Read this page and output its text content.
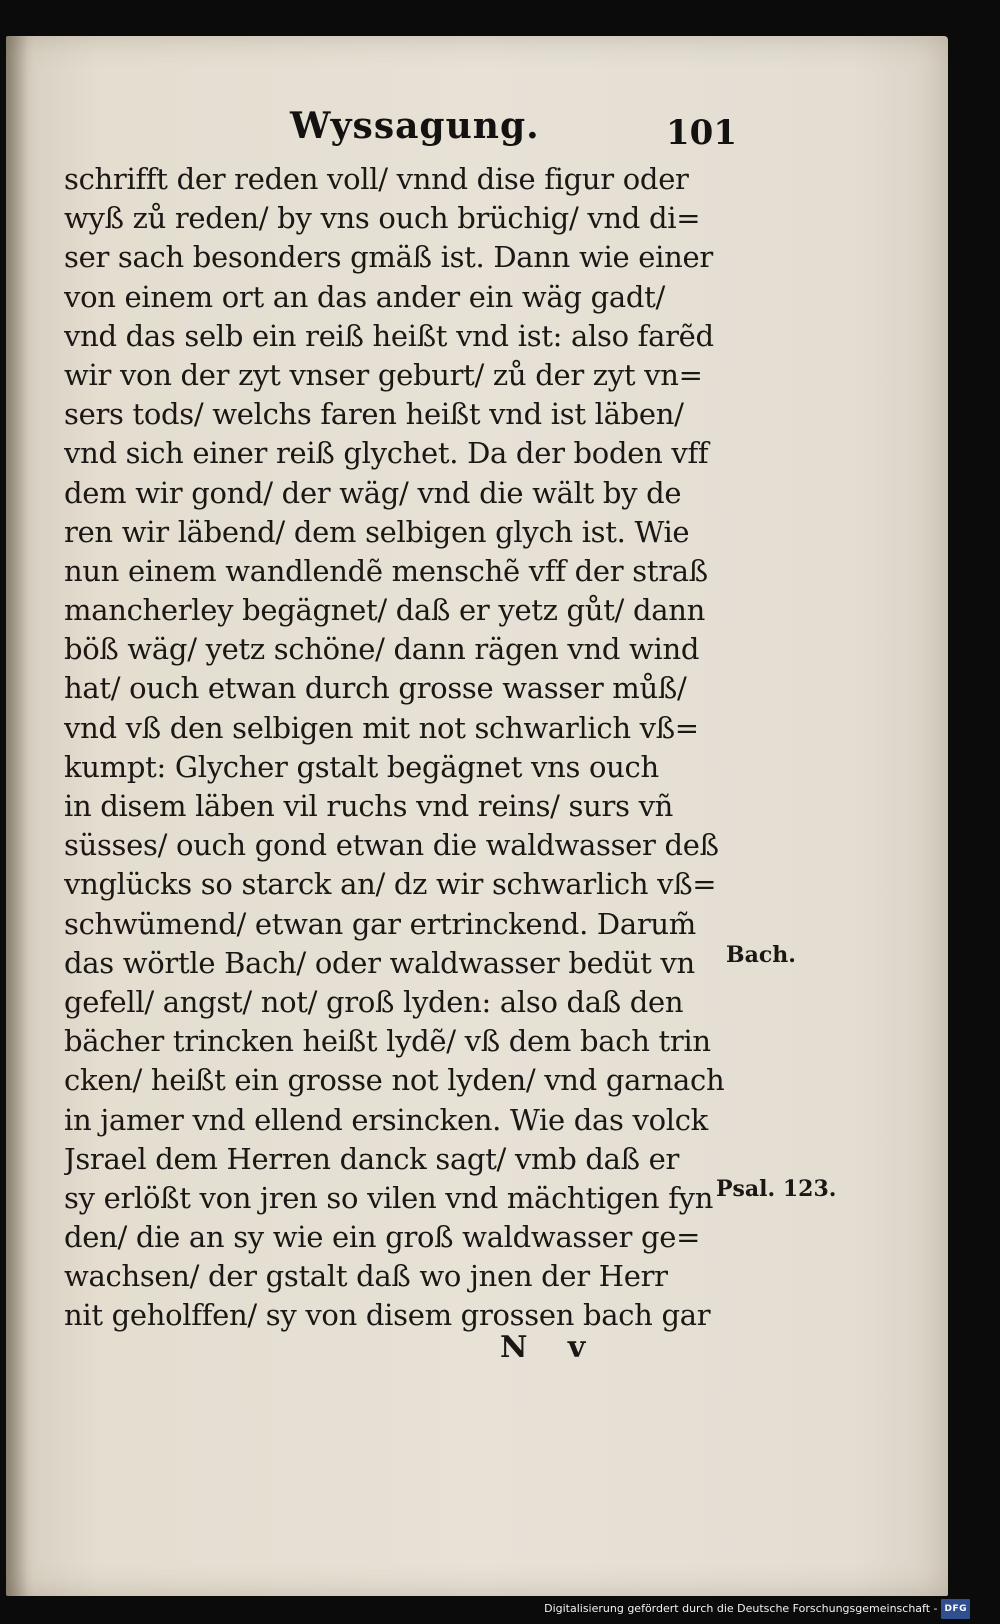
Wyssagung.	101
schrifft der reden voll/ vnnd dise figur oder
wyß zů reden/ by vns ouch brüchig/ vnd di=
ser sach besonders gmäß ist. Dann wie einer
von einem ort an das ander ein wäg gadt/
vnd das selb ein reiß heißt vnd ist: also farẽd
wir von der zyt vnser geburt/ zů der zyt vn=
sers tods/ welchs faren heißt vnd ist läben/
vnd sich einer reiß glychet. Da der boden vff
dem wir gond/ der wäg/ vnd die wält by de
ren wir läbend/ dem selbigen glych ist. Wie
nun einem wandlendẽ menschẽ vff der straß
mancherley begägnet/ daß er yetz gůt/ dann
böß wäg/ yetz schöne/ dann rägen vnd wind
hat/ ouch etwan durch grosse wasser můß/
vnd vß den selbigen mit not schwarlich vß=
kumpt: Glycher gstalt begägnet vns ouch
in disem läben vil ruchs vnd reins/ surs vñ
süsses/ ouch gond etwan die waldwasser deß
vnglücks so starck an/ dz wir schwarlich vß=
schwümend/ etwan gar ertrinckend. Darum̃
das wörtle Bach/ oder waldwasser bedüt vn
gefell/ angst/ not/ groß lyden: also daß den
bächer trincken heißt lydẽ/ vß dem bach trin
cken/ heißt ein grosse not lyden/ vnd garnach
in jamer vnd ellend ersincken. Wie das volck
Jsrael dem Herren danck sagt/ vmb daß er
sy erlößt von jren so vilen vnd mächtigen fyn
den/ die an sy wie ein groß waldwasser ge=
wachsen/ der gstalt daß wo jnen der Herr
nit geholffen/ sy von disem grossen bach gar
Bach.
Psal. 123.
N v
Digitalisierung gefördert durch die Deutsche Forschungsgemeinschaft - DFG
